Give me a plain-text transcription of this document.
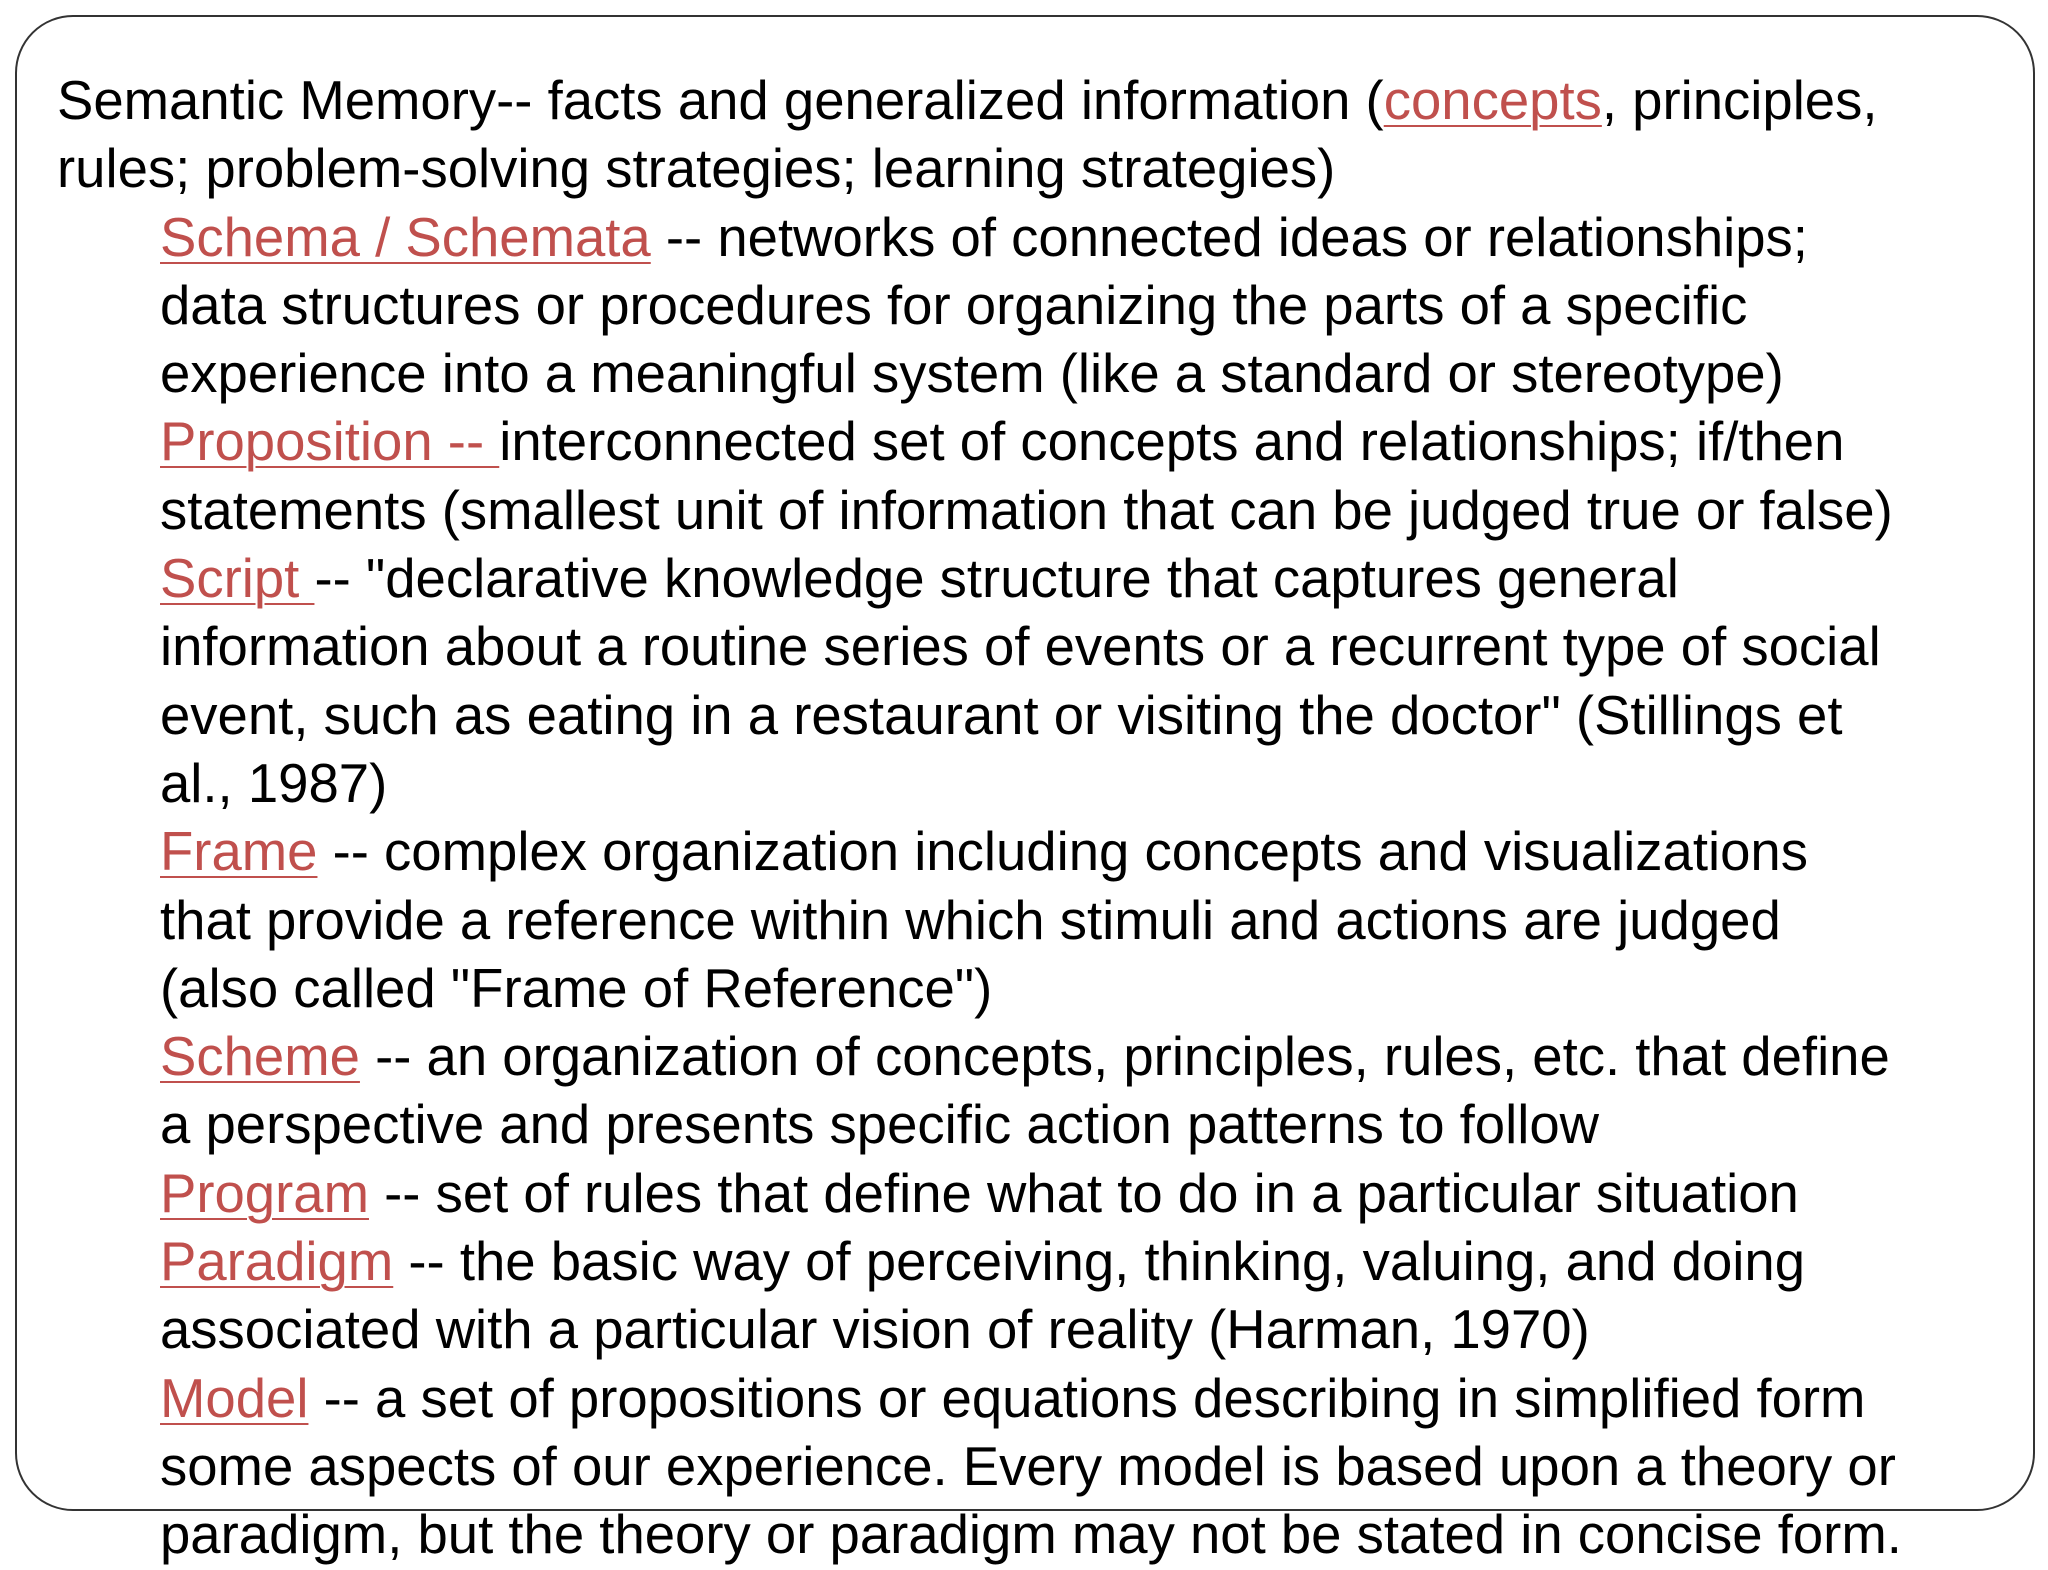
Semantic Memory-- facts and generalized information (concepts, principles,
rules; problem-solving strategies; learning strategies)
Schema / Schemata -- networks of connected ideas or relationships;
data structures or procedures for organizing the parts of a specific
experience into a meaningful system (like a standard or stereotype)
Proposition -- interconnected set of concepts and relationships; if/then
statements (smallest unit of information that can be judged true or false)
Script -- "declarative knowledge structure that captures general
information about a routine series of events or a recurrent type of social
event, such as eating in a restaurant or visiting the doctor" (Stillings et
al., 1987)
Frame -- complex organization including concepts and visualizations
that provide a reference within which stimuli and actions are judged
(also called "Frame of Reference")
Scheme -- an organization of concepts, principles, rules, etc. that define
a perspective and presents specific action patterns to follow
Program -- set of rules that define what to do in a particular situation
Paradigm -- the basic way of perceiving, thinking, valuing, and doing
associated with a particular vision of reality (Harman, 1970)
Model -- a set of propositions or equations describing in simplified form
some aspects of our experience. Every model is based upon a theory or
paradigm, but the theory or paradigm may not be stated in concise form.
